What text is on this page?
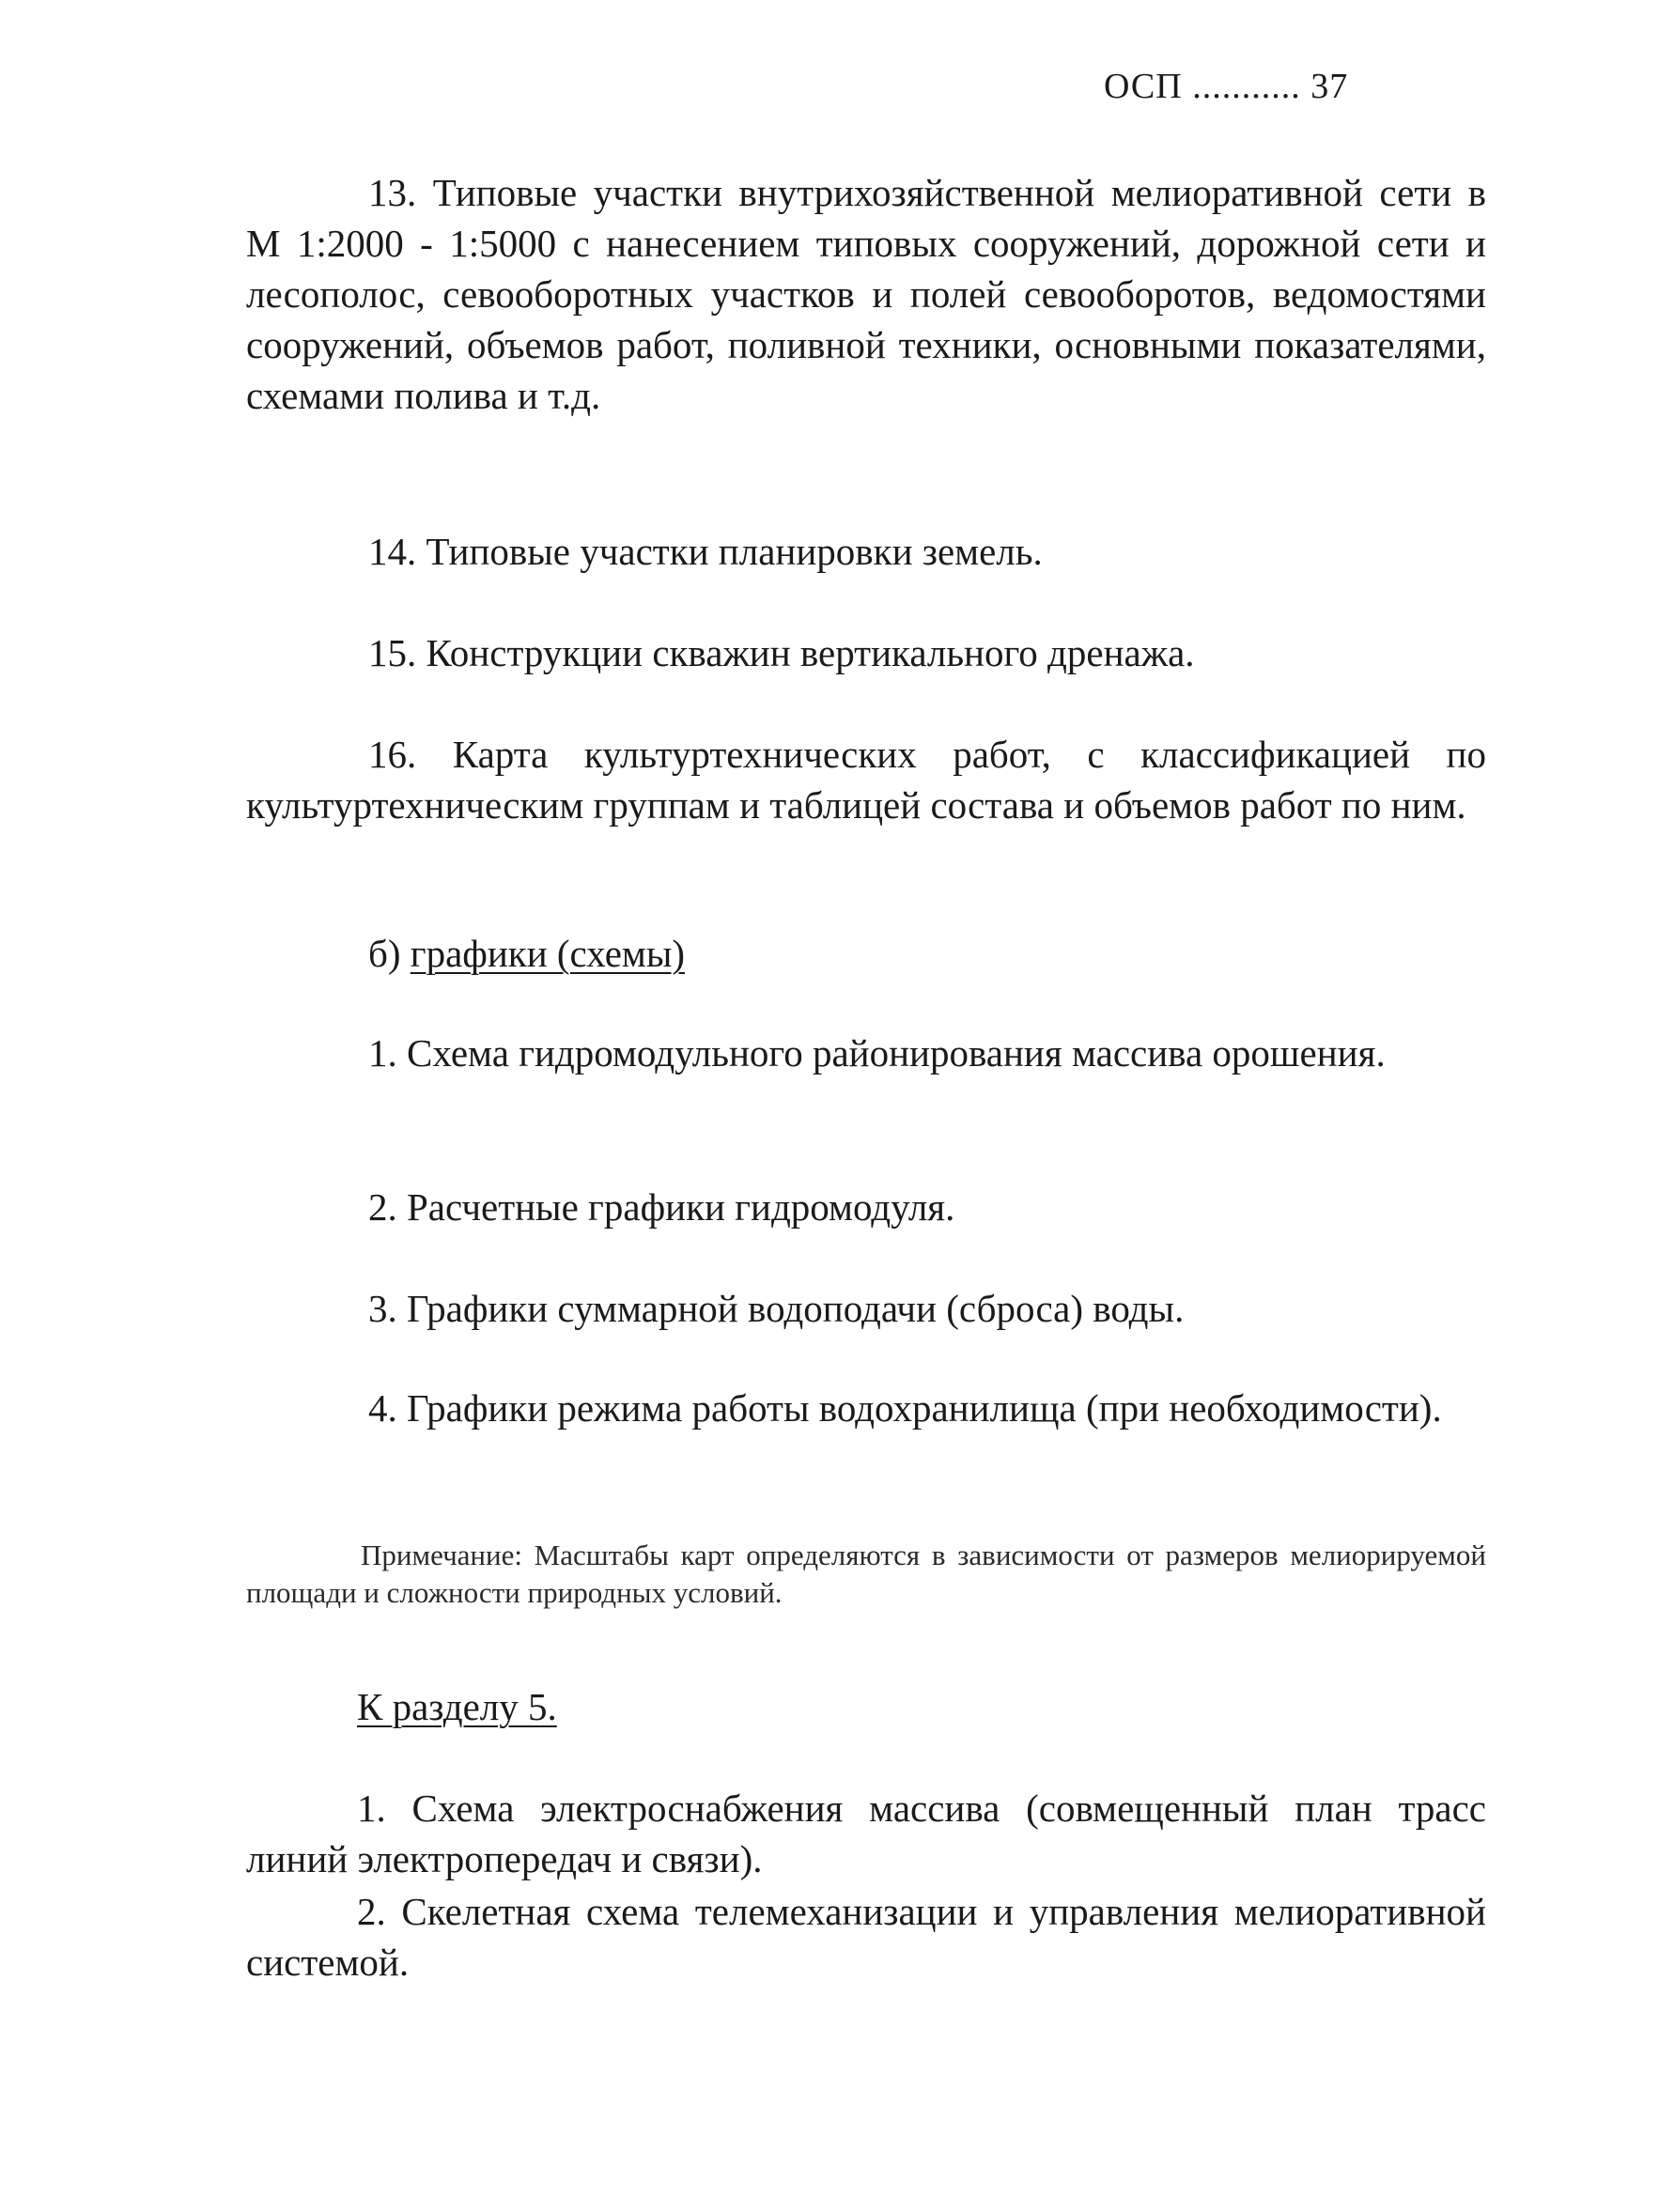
ОСП ........... 37

13. Типовые участки внутрихозяйственной мелиоративной сети в М 1:2000 - 1:5000 с нанесением типовых сооружений, дорожной сети и лесополос, севооборотных участков и полей севооборотов, ведомостями сооружений, объемов работ, поливной техники, основными показателями, схемами полива и т.д.

14. Типовые участки планировки земель.

15. Конструкции скважин вертикального дренажа.

16. Карта культуртехнических работ, с классификацией по культуртехническим группам и таблицей состава и объемов работ по ним.

б) графики (схемы)

1. Схема гидромодульного районирования массива орошения.

2. Расчетные графики гидромодуля.

3. Графики суммарной водоподачи (сброса) воды.

4. Графики режима работы водохранилища (при необходимости).

Примечание: Масштабы карт определяются в зависимости от размеров мелиорируемой площади и сложности природных условий.

К разделу 5.

1. Схема электроснабжения массива (совмещенный план трасс линий электропередач и связи).

2. Скелетная схема телемеханизации и управления мелиоративной системой.
